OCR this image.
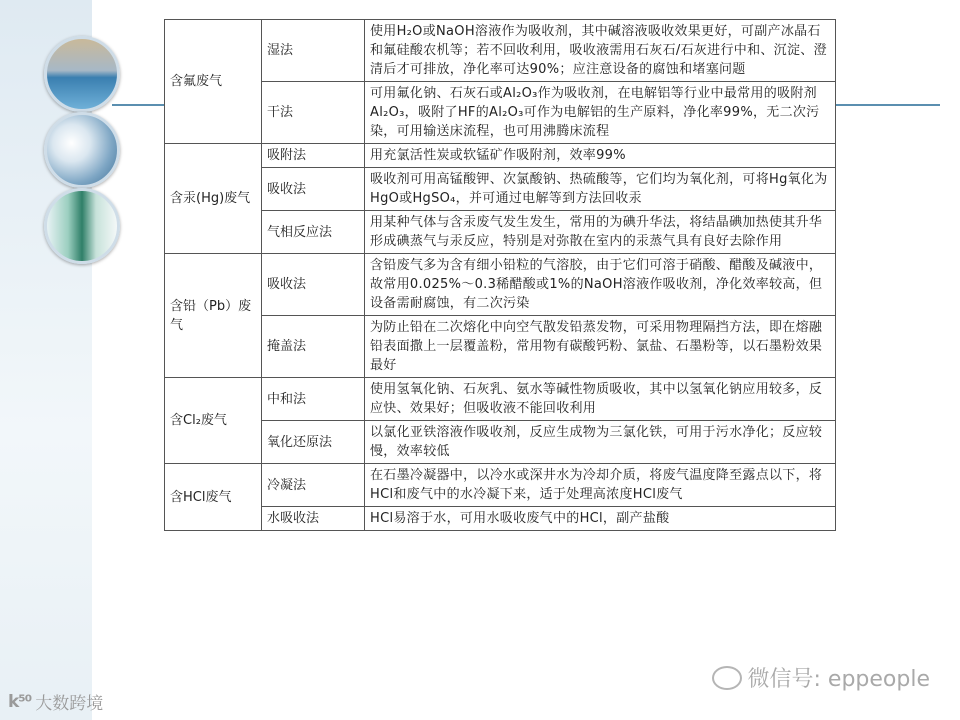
含氟废气	湿法	使用H₂O或NaOH溶液作为吸收剂，其中碱溶液吸收效果更好，可副产冰晶石和氟硅酸农机等；若不回收利用，吸收液需用石灰石/石灰进行中和、沉淀、澄清后才可排放，净化率可达90%；应注意设备的腐蚀和堵塞问题
	干法	可用氟化钠、石灰石或Al₂O₃作为吸收剂，在电解铝等行业中最常用的吸附剂Al₂O₃，吸附了HF的Al₂O₃可作为电解铝的生产原料，净化率99%，无二次污染，可用输送床流程，也可用沸腾床流程
含汞(Hg)废气	吸附法	用充氯活性炭或软锰矿作吸附剂，效率99%
	吸收法	吸收剂可用高锰酸钾、次氯酸钠、热硫酸等，它们均为氧化剂，可将Hg氧化为HgO或HgSO₄，并可通过电解等到方法回收汞
	气相反应法	用某种气体与含汞废气发生发生，常用的为碘升华法，将结晶碘加热使其升华形成碘蒸气与汞反应，特别是对弥散在室内的汞蒸气具有良好去除作用
含铅（Pb）废气	吸收法	含铅废气多为含有细小铅粒的气溶胶，由于它们可溶于硝酸、醋酸及碱液中，故常用0.025%～0.3稀醋酸或1%的NaOH溶液作吸收剂，净化效率较高，但设备需耐腐蚀，有二次污染
	掩盖法	为防止铅在二次熔化中向空气散发铅蒸发物，可采用物理隔挡方法，即在熔融铅表面撒上一层覆盖粉，常用物有碳酸钙粉、氯盐、石墨粉等，以石墨粉效果最好
含Cl₂废气	中和法	使用氢氧化钠、石灰乳、氨水等碱性物质吸收，其中以氢氧化钠应用较多，反应快、效果好；但吸收液不能回收利用
	氧化还原法	以氯化亚铁溶液作吸收剂，反应生成物为三氯化铁，可用于污水净化；反应较慢，效率较低
含HCl废气	冷凝法	在石墨冷凝器中，以冷水或深井水为冷却介质，将废气温度降至露点以下，将HCl和废气中的水冷凝下来，适于处理高浓度HCl废气
	水吸收法	HCl易溶于水，可用水吸收废气中的HCl，副产盐酸
微信号: eppeople
k⁵⁰ 大数跨境
